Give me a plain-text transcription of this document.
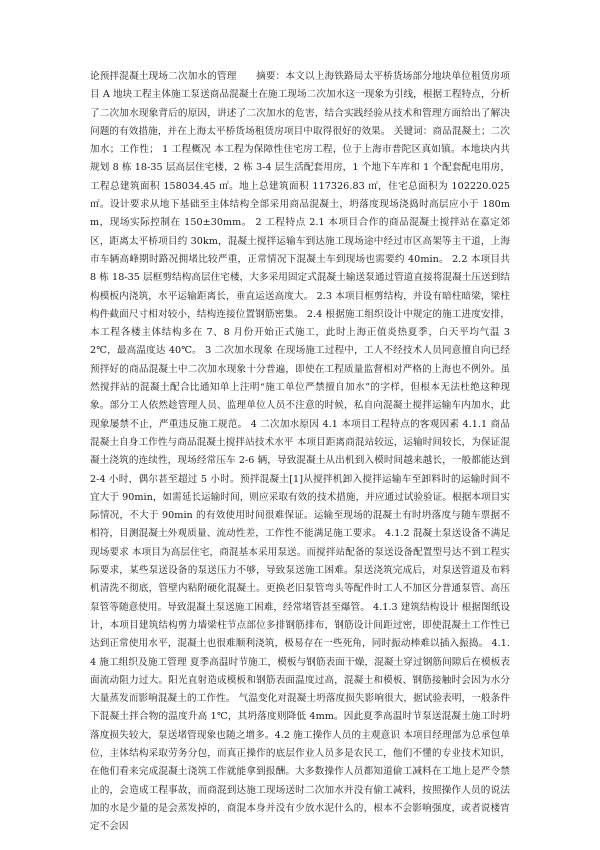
论预拌混凝土现场二次加水的管理　　摘要：本文以上海铁路局太平桥货场部分地块单位租赁房项目 A 地块工程主体施工泵送商品混凝土在施工现场二次加水这一现象为引线，根据工程特点，分析了二次加水现象背后的原因，讲述了二次加水的危害，结合实践经验从技术和管理方面给出了解决问题的有效措施，并在上海太平桥货场租赁房项目中取得很好的效果。 关键词：商品混凝土；二次加水；工作性； 1 工程概况 本工程为保障性住宅房工程，位于上海市普陀区真如镇。本地块内共规划 8 栋 18-35 层高层住宅楼，2 栋 3-4 层生活配套用房，1 个地下车库和 1 个配套配电用房，工程总建筑面积 158034.45 ㎡。地上总建筑面积 117326.83 ㎡，住宅总面积为 102220.025 ㎡。设计要求从地下基础至主体结构全部采用商品混凝土，坍落度现场浇捣时高层应小于 180mm，现场实际控制在 150±30mm。 2 工程特点 2.1 本项目合作的商品混凝土搅拌站在嘉定郊区，距离太平桥项目约 30km，混凝土搅拌运输车到达施工现场途中经过市区高架等主干道，上海市车辆高峰期时路况拥堵比较严重，正常情况下混凝土车到现场也需要约 40min。 2.2 本项目共 8 栋 18-35 层框剪结构高层住宅楼，大多采用固定式混凝土输送泵通过管道直接将混凝土压送到结构模板内浇筑，水平运输距离长，垂直运送高度大。 2.3 本项目框剪结构，并设有暗柱暗梁，梁柱构件截面尺寸相对较小，结构连接位置钢筋密集。 2.4 根据施工组织设计中规定的施工进度安排，本工程各楼主体结构多在 7、8 月份开始正式施工，此时上海正值炎热夏季，白天平均气温 32℃，最高温度达 40℃。 3 二次加水现象 在现场施工过程中，工人不经技术人员同意擅自向已经预拌好的商品混凝土中二次加水现象十分普遍，即使在工程质量监督相对严格的上海也不例外。虽然搅拌站的混凝土配合比通知单上注明“施工单位严禁擅自加水”的字样，但根本无法杜绝这种现象。部分工人依然趁管理人员、监理单位人员不注意的时候，私自向混凝土搅拌运输车内加水，此现象屡禁不止，严重违反施工规范。 4 二次加水原因 4.1 本项目工程特点的客观因素 4.1.1 商品混凝土自身工作性与商品混凝土搅拌站技术水平 本项目距离商混站较远，运输时间较长，为保证混凝土浇筑的连续性，现场经常压车 2-6 辆，导致混凝土从出机到入模时间越来越长，一般都能达到 2-4 小时，偶尔甚至超过 5 小时。预拌混凝土[1]从搅拌机卸入搅拌运输车至卸料时的运输时间不宜大于 90min，如需延长运输时间，则应采取有效的技术措施，并应通过试验验证。根据本项目实际情况，不大于 90min 的有效使用时间很难保证。运输至现场的混凝土有时坍落度与随车票据不相符，目测混凝土外观质量、流动性差，工作性不能满足施工要求。 4.1.2 混凝土泵送设备不满足现场要求 本项目为高层住宅，商混基本采用泵送。而搅拌站配备的泵送设备配置型号达不到工程实际要求，某些泵送设备的泵送压力不够，导致泵送施工困难。泵送浇筑完成后，对泵送管道及布料机清洗不彻底，管壁内粘附硬化混凝土。更换老旧泵管弯头等配件时工人不加区分普通泵管、高压泵管等随意使用。导致混凝土泵送施工困难，经常堵管甚至爆管。 4.1.3 建筑结构设计 根据图纸设计，本项目建筑结构剪力墙梁柱节点部位多排钢筋排布，钢筋设计间距过密，即使混凝土工作性已达到正常使用水平，混凝土也很难顺利浇筑，极易存在一些死角，同时振动棒难以插入振捣。 4.1.4 施工组织及施工管理 夏季高温时节施工，模板与钢筋表面干燥，混凝土穿过钢筋间隙后在模板表面流动阻力过大。阳光直射造成模板和钢筋表面温度过高，混凝土和模板、钢筋接触时会因为水分大量蒸发而影响混凝土的工作性。 气温变化对混凝土坍落度损失影响很大，据试验表明，一般条件下混凝土拌合物的温度升高 1℃，其坍落度则降低 4mm。因此夏季高温时节泵送混凝土施工时坍落度损失较大，泵送堵管现象也随之增多。4.2 施工操作人员的主观意识 本项目经理部为总承包单位，主体结构采取劳务分包，而真正操作的底层作业人员多是农民工，他们不懂的专业技术知识，在他们看来完成混凝土浇筑工作就能拿到报酬。大多数操作人员都知道偷工减料在工地上是严令禁止的，会造成工程事故，而商混到达施工现场送时二次加水并没有偷工减料，按照操作人员的说法加的水是少量的是会蒸发掉的，商混本身并没有少放水泥什么的，根本不会影响强度，或者说楼宵定不会因
